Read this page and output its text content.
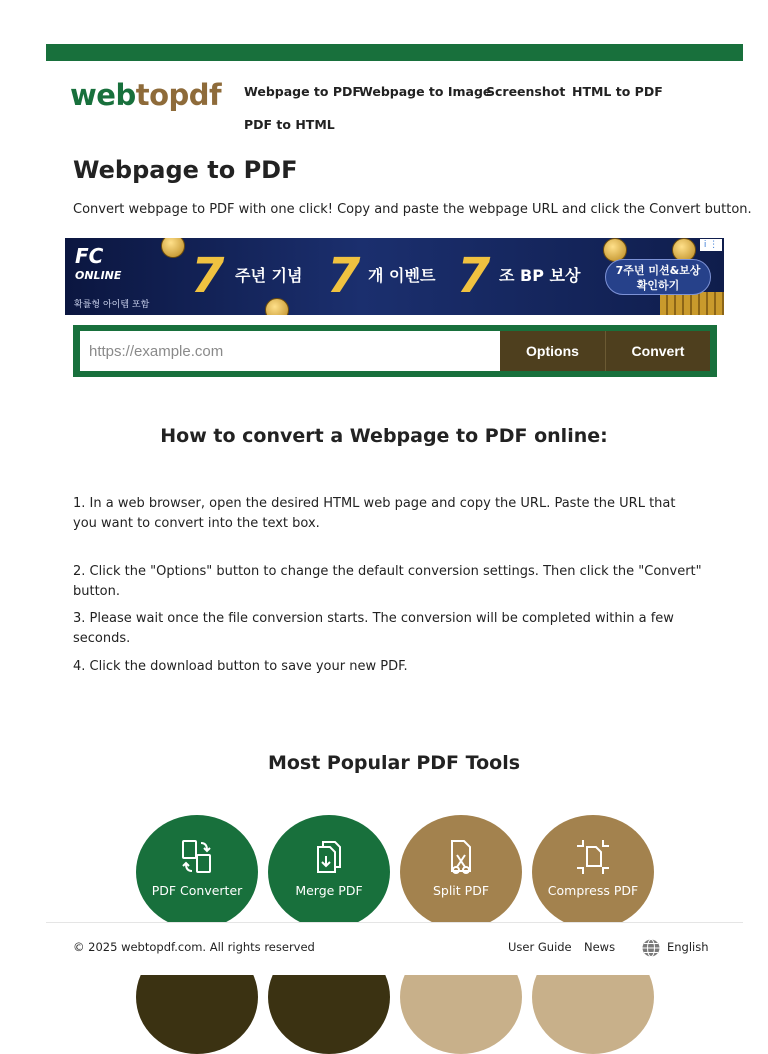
webtopdf Webpage to PDF
Webpage to Image
Screenshot HTML to PDF
PDF to HTML
Webpage to PDF
Convert webpage to PDF with one click! Copy and paste the webpage URL and click the Convert button.
FC
ONLINE
확률형 아이템 포함
7 주년 기념 7 개 이벤트 7 조 BP 보상	7주년 미션&보상
확인하기
i ⋮
https://example.com
Options	Convert
How to convert a Webpage to PDF online:

1. In a web browser, open the desired HTML web page and copy the URL. Paste the URL that you want to convert into the text box.

2. Click the "Options" button to change the default conversion settings. Then click the "Convert" button.

3. Please wait once the file conversion starts. The conversion will be completed within a few seconds.

4. Click the download button to save your new PDF.

Most Popular PDF Tools
PDF Converter	Merge PDF	Split PDF	Compress PDF
© 2025 webtopdf.com. All rights reserved	User Guide News	English
